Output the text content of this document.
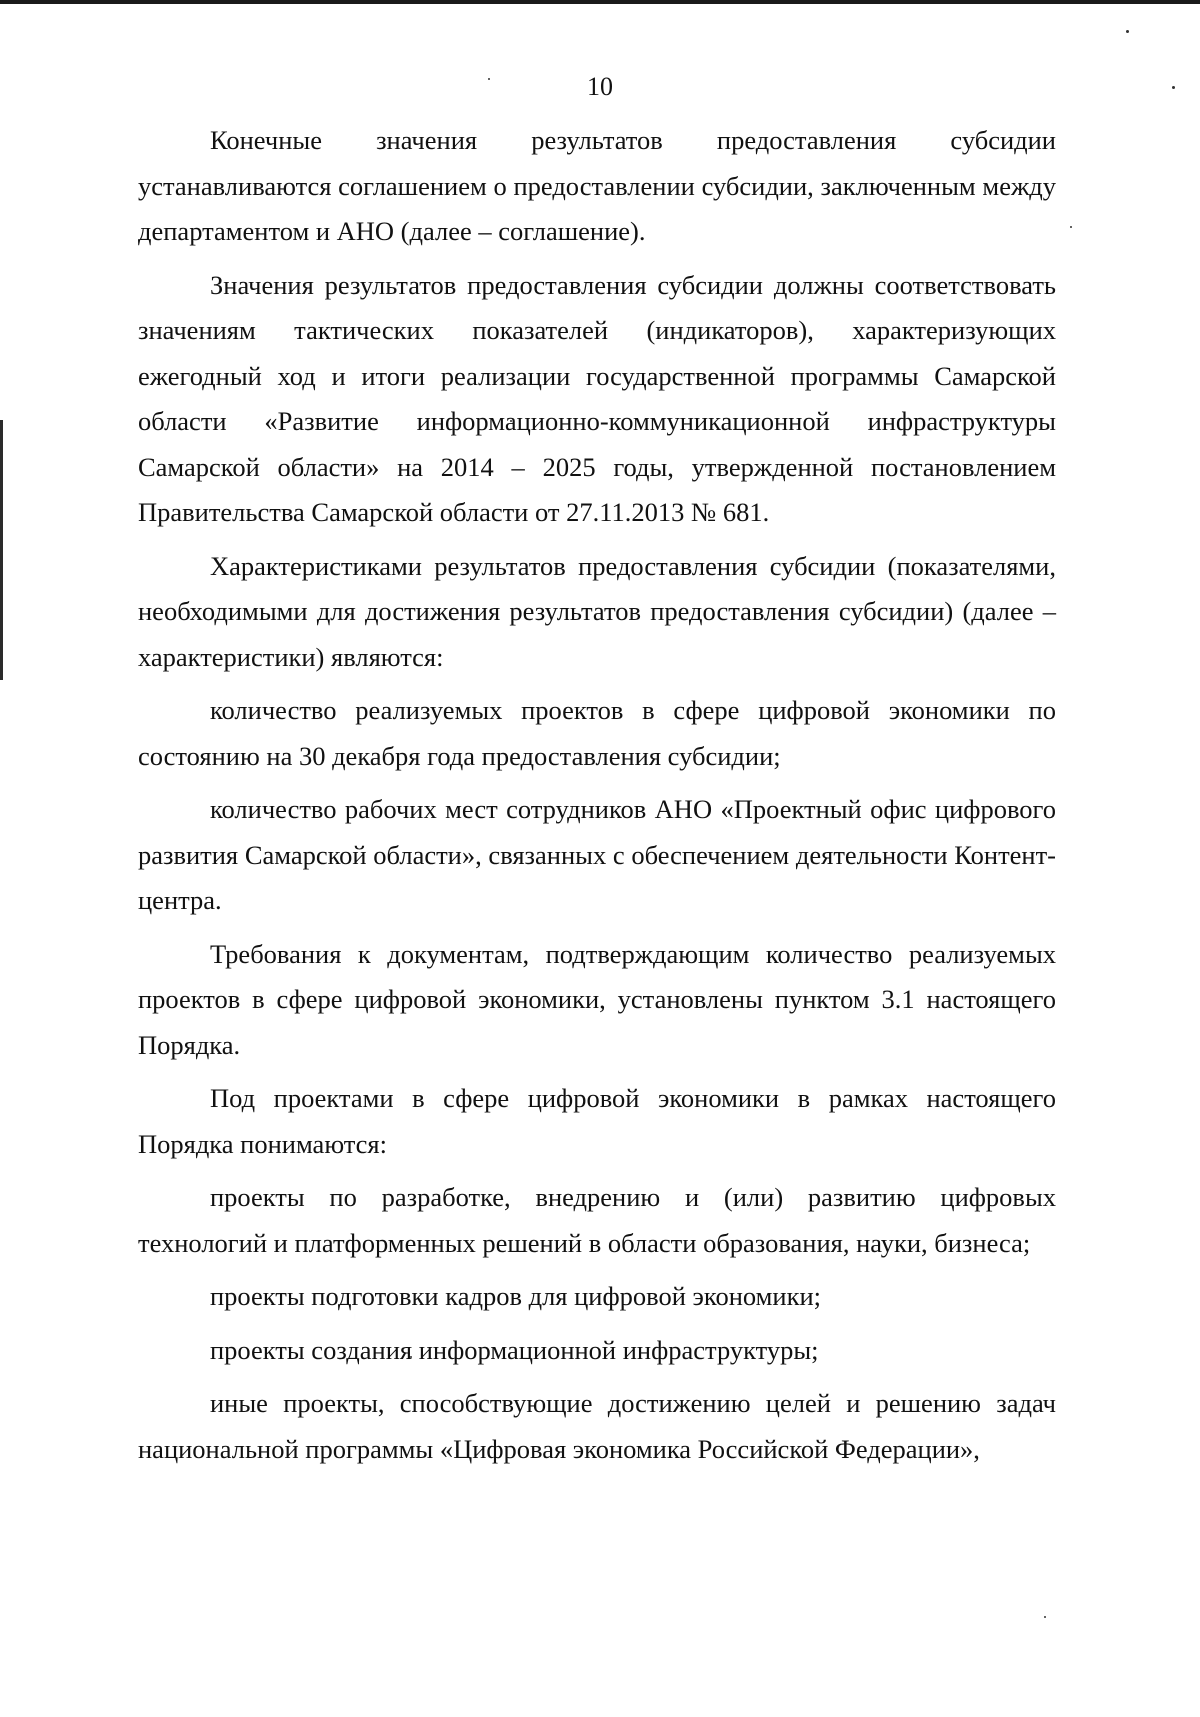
10

Конечные значения результатов предоставления субсидии устанавливаются соглашением о предоставлении субсидии, заключенным между департаментом и АНО (далее – соглашение).

Значения результатов предоставления субсидии должны соответствовать значениям тактических показателей (индикаторов), характеризующих ежегодный ход и итоги реализации государственной программы Самарской области «Развитие информационно-коммуникационной инфраструктуры Самарской области» на 2014 – 2025 годы, утвержденной постановлением Правительства Самарской области от 27.11.2013 № 681.

Характеристиками результатов предоставления субсидии (показателями, необходимыми для достижения результатов предоставления субсидии) (далее – характеристики) являются:

количество реализуемых проектов в сфере цифровой экономики по состоянию на 30 декабря года предоставления субсидии;

количество рабочих мест сотрудников АНО «Проектный офис цифрового развития Самарской области», связанных с обеспечением деятельности Контент-центра.

Требования к документам, подтверждающим количество реализуемых проектов в сфере цифровой экономики, установлены пунктом 3.1 настоящего Порядка.

Под проектами в сфере цифровой экономики в рамках настоящего Порядка понимаются:

проекты по разработке, внедрению и (или) развитию цифровых технологий и платформенных решений в области образования, науки, бизнеса;

проекты подготовки кадров для цифровой экономики;

проекты создания информационной инфраструктуры;

иные проекты, способствующие достижению целей и решению задач национальной программы «Цифровая экономика Российской Федерации»,
